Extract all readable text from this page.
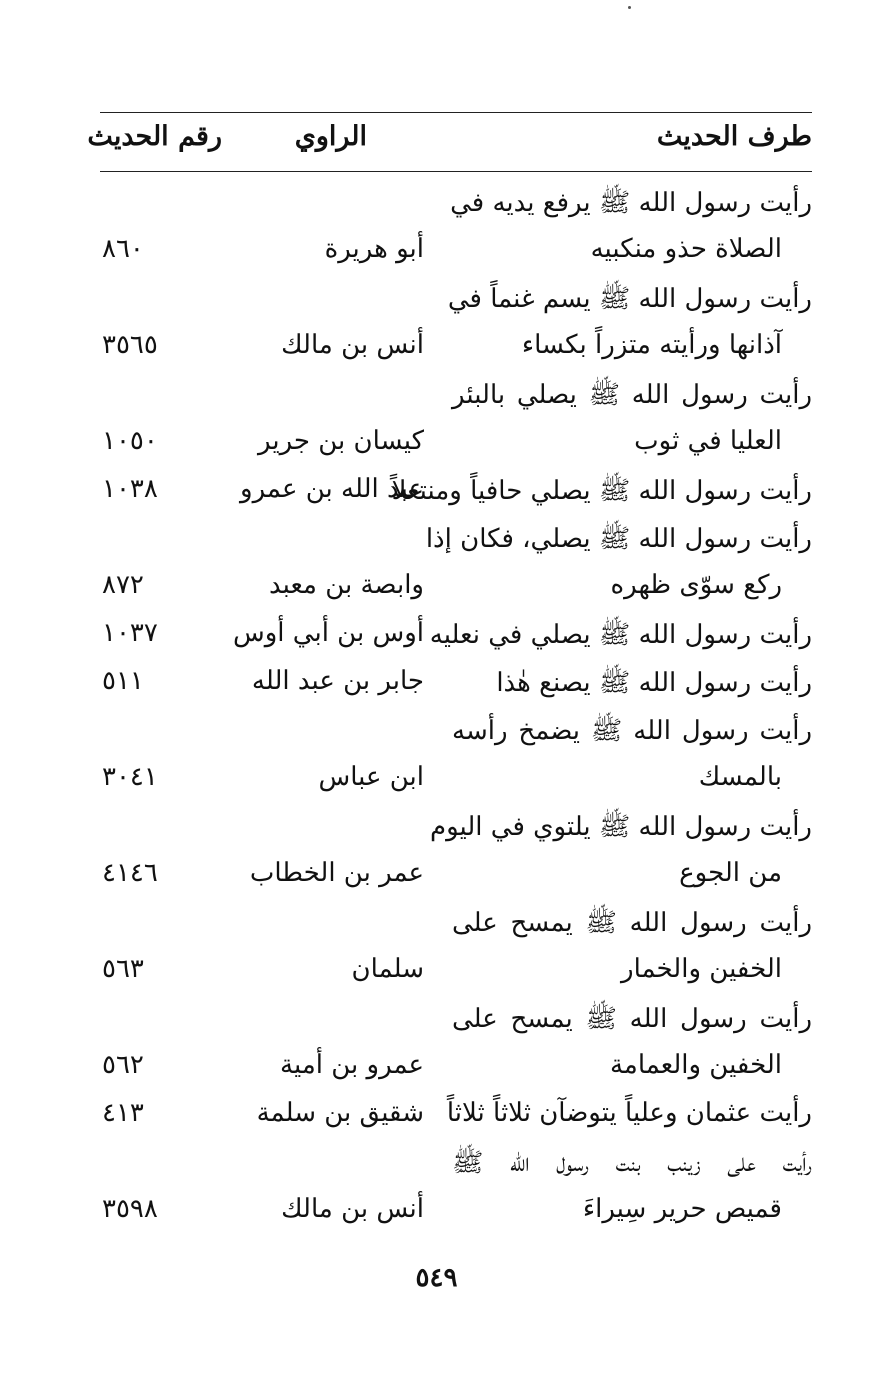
طرف الحديث
الراوي
رقم الحديث
رأيت رسول الله ﷺ يرفع يديه في
الصلاة حذو منكبيه
أبو هريرة
٨٦٠
رأيت رسول الله ﷺ يسم غنماً في
آذانها ورأيته متزراً بكساء
أنس بن مالك
٣٥٦٥
رأيت رسول الله ﷺ يصلي بالبئر
العليا في ثوب
كيسان بن جرير
١٠٥٠
رأيت رسول الله ﷺ يصلي حافياً ومنتعلاً
عبد الله بن عمرو
١٠٣٨
رأيت رسول الله ﷺ يصلي، فكان إذا
ركع سوّى ظهره
وابصة بن معبد
٨٧٢
رأيت رسول الله ﷺ يصلي في نعليه
أوس بن أبي أوس
١٠٣٧
رأيت رسول الله ﷺ يصنع هٰذا
جابر بن عبد الله
٥١١
رأيت رسول الله ﷺ يضمخ رأسه
بالمسك
ابن عباس
٣٠٤١
رأيت رسول الله ﷺ يلتوي في اليوم
من الجوع
عمر بن الخطاب
٤١٤٦
رأيت رسول الله ﷺ يمسح على
الخفين والخمار
سلمان
٥٦٣
رأيت رسول الله ﷺ يمسح على
الخفين والعمامة
عمرو بن أمية
٥٦٢
رأيت عثمان وعلياً يتوضآن ثلاثاً ثلاثاً
شقيق بن سلمة
٤١٣
رأيت على زينب بنت رسول الله ﷺ
قميص حرير سِيراءَ
أنس بن مالك
٣٥٩٨
٥٤٩
